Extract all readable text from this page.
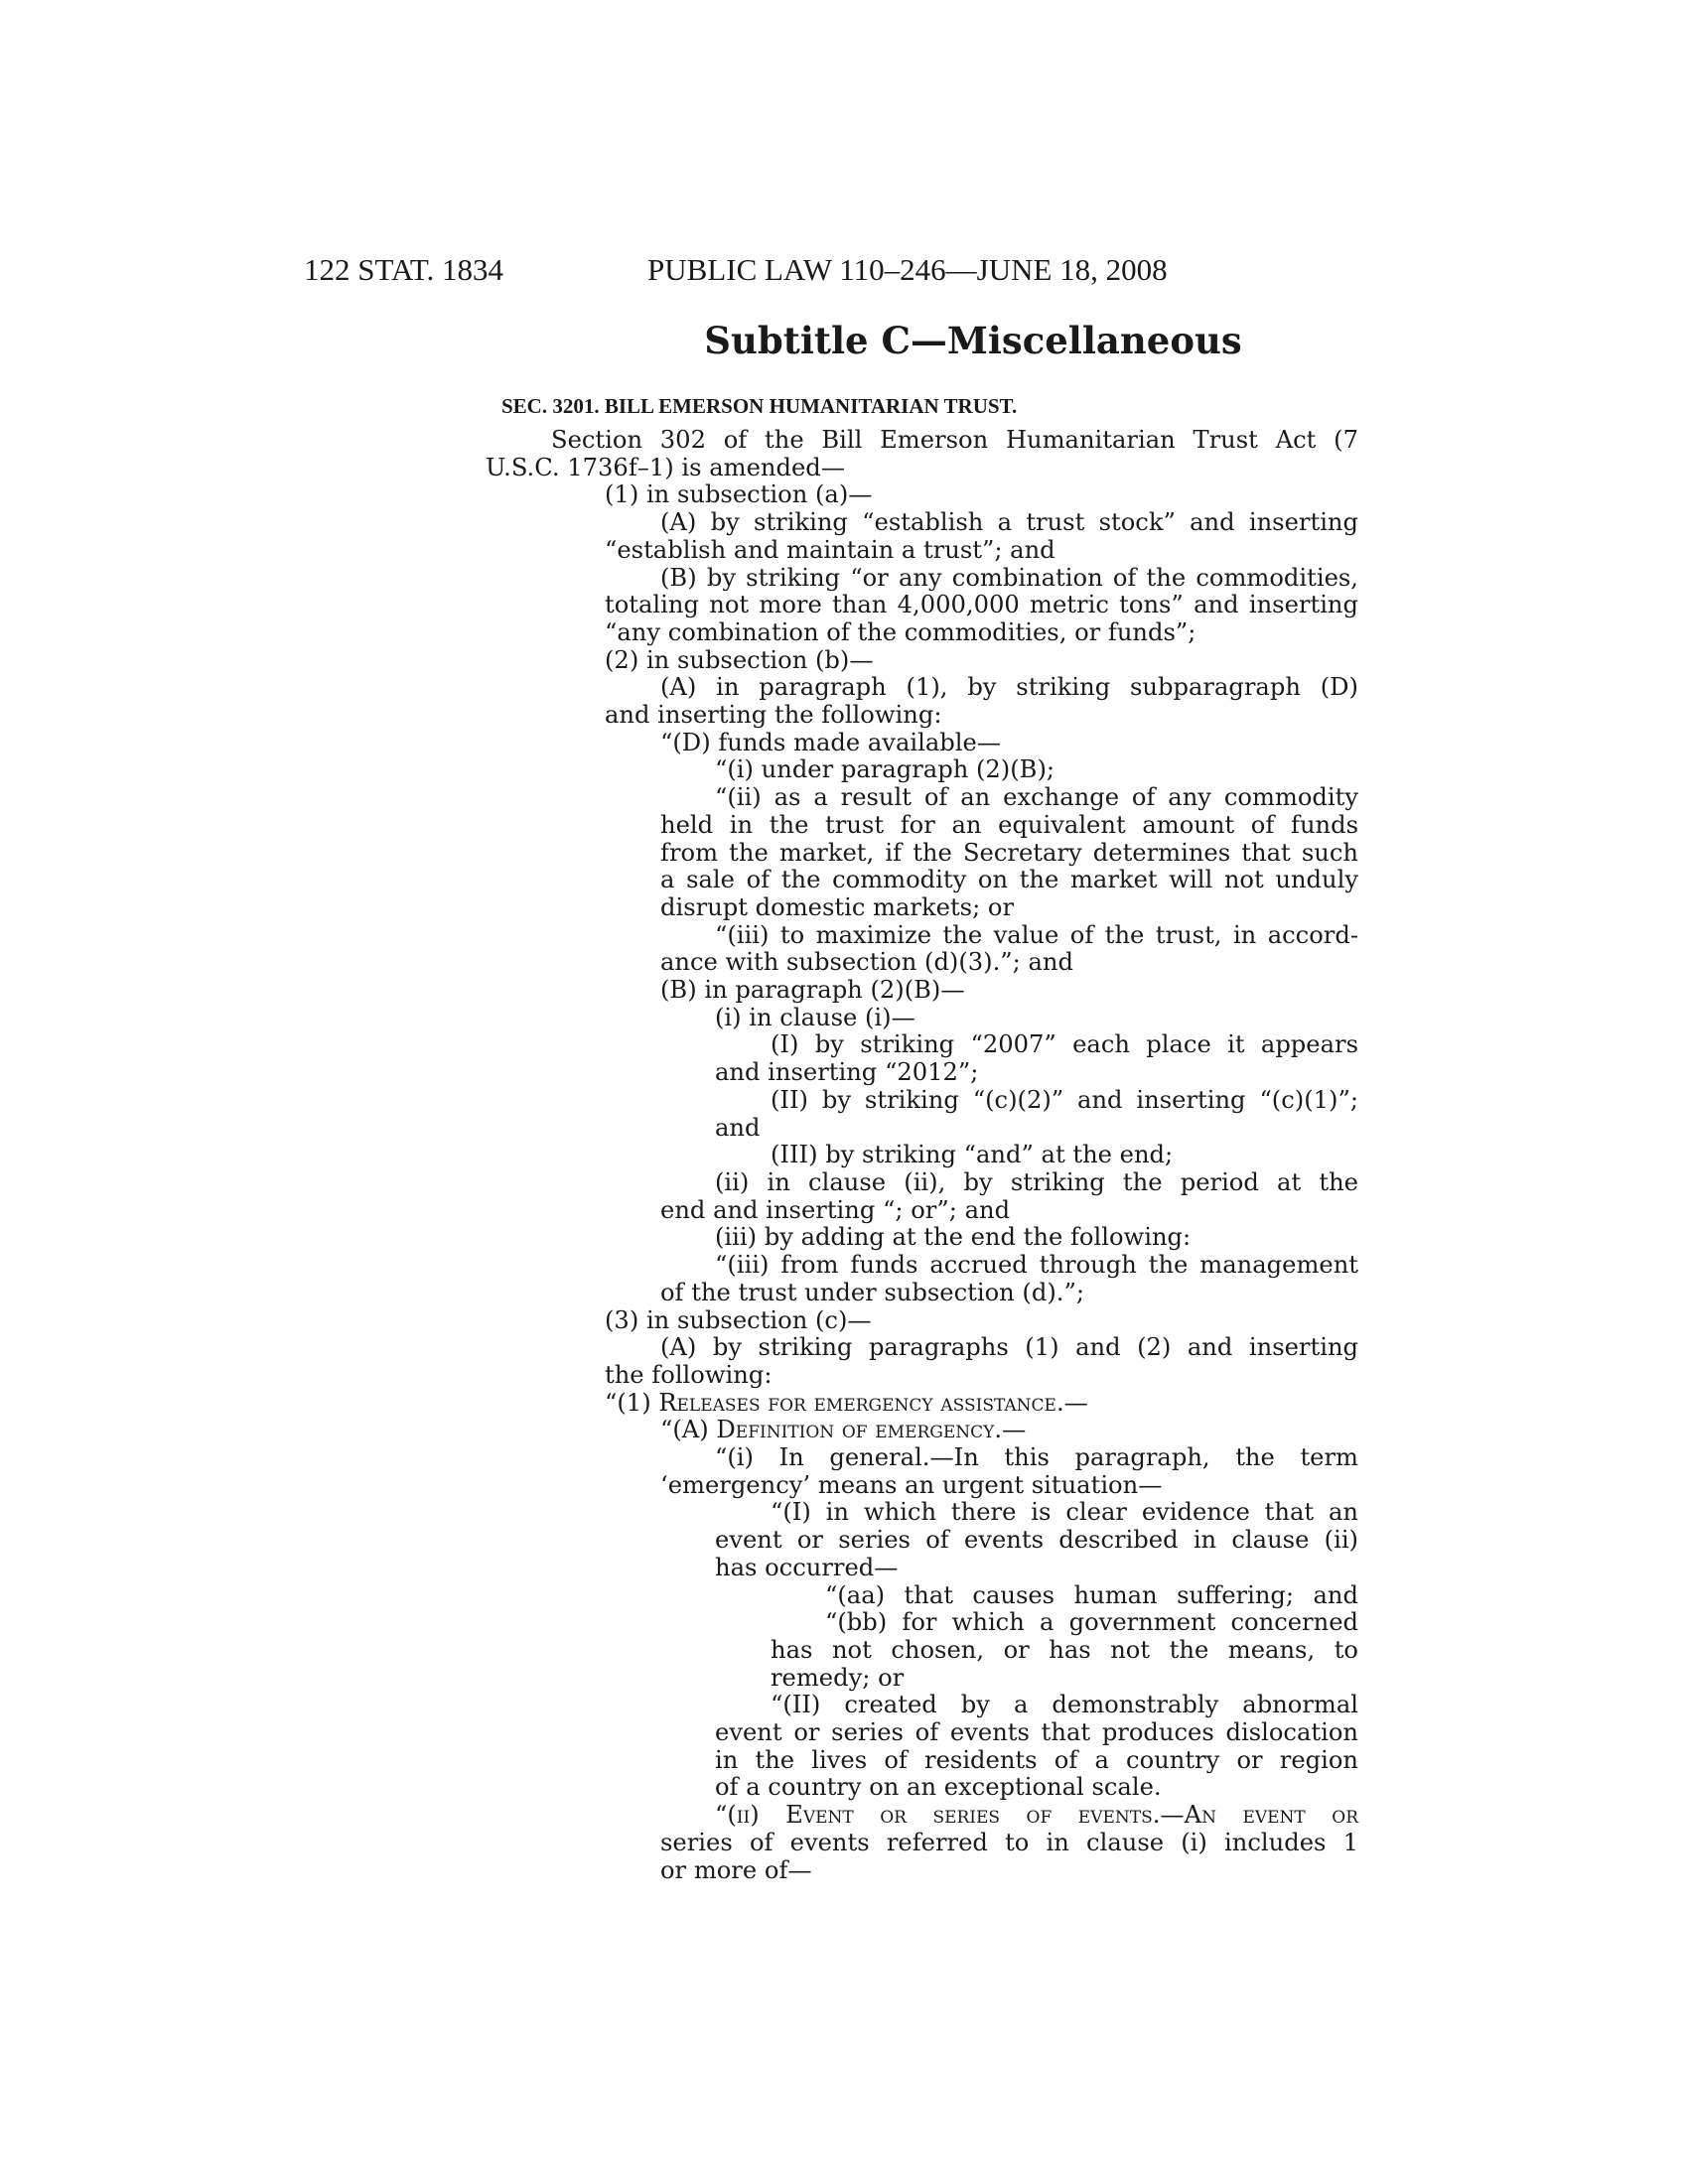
122 STAT. 1834	PUBLIC LAW 110–246—JUNE 18, 2008
Subtitle C—Miscellaneous
SEC. 3201. BILL EMERSON HUMANITARIAN TRUST.
Section 302 of the Bill Emerson Humanitarian Trust Act (7
U.S.C. 1736f–1) is amended—
(1) in subsection (a)—
(A) by striking “establish a trust stock” and inserting
“establish and maintain a trust”; and
(B) by striking “or any combination of the commodities,
totaling not more than 4,000,000 metric tons” and inserting
“any combination of the commodities, or funds”;
(2) in subsection (b)—
(A) in paragraph (1), by striking subparagraph (D)
and inserting the following:
“(D) funds made available—
“(i) under paragraph (2)(B);
“(ii) as a result of an exchange of any commodity
held in the trust for an equivalent amount of funds
from the market, if the Secretary determines that such
a sale of the commodity on the market will not unduly
disrupt domestic markets; or
“(iii) to maximize the value of the trust, in accord-
ance with subsection (d)(3).”; and
(B) in paragraph (2)(B)—
(i) in clause (i)—
(I) by striking “2007” each place it appears
and inserting “2012”;
(II) by striking “(c)(2)” and inserting “(c)(1)”;
and
(III) by striking “and” at the end;
(ii) in clause (ii), by striking the period at the
end and inserting “; or”; and
(iii) by adding at the end the following:
“(iii) from funds accrued through the management
of the trust under subsection (d).”;
(3) in subsection (c)—
(A) by striking paragraphs (1) and (2) and inserting
the following:
“(1) Releases for emergency assistance.—
“(A) Definition of emergency.—
“(i) In general.—In this paragraph, the term
‘emergency’ means an urgent situation—
“(I) in which there is clear evidence that an
event or series of events described in clause (ii)
has occurred—
“(aa) that causes human suffering; and
“(bb) for which a government concerned
has not chosen, or has not the means, to
remedy; or
“(II) created by a demonstrably abnormal
event or series of events that produces dislocation
in the lives of residents of a country or region
of a country on an exceptional scale.
“(ii) Event or series of events.—An event or
series of events referred to in clause (i) includes 1
or more of—
